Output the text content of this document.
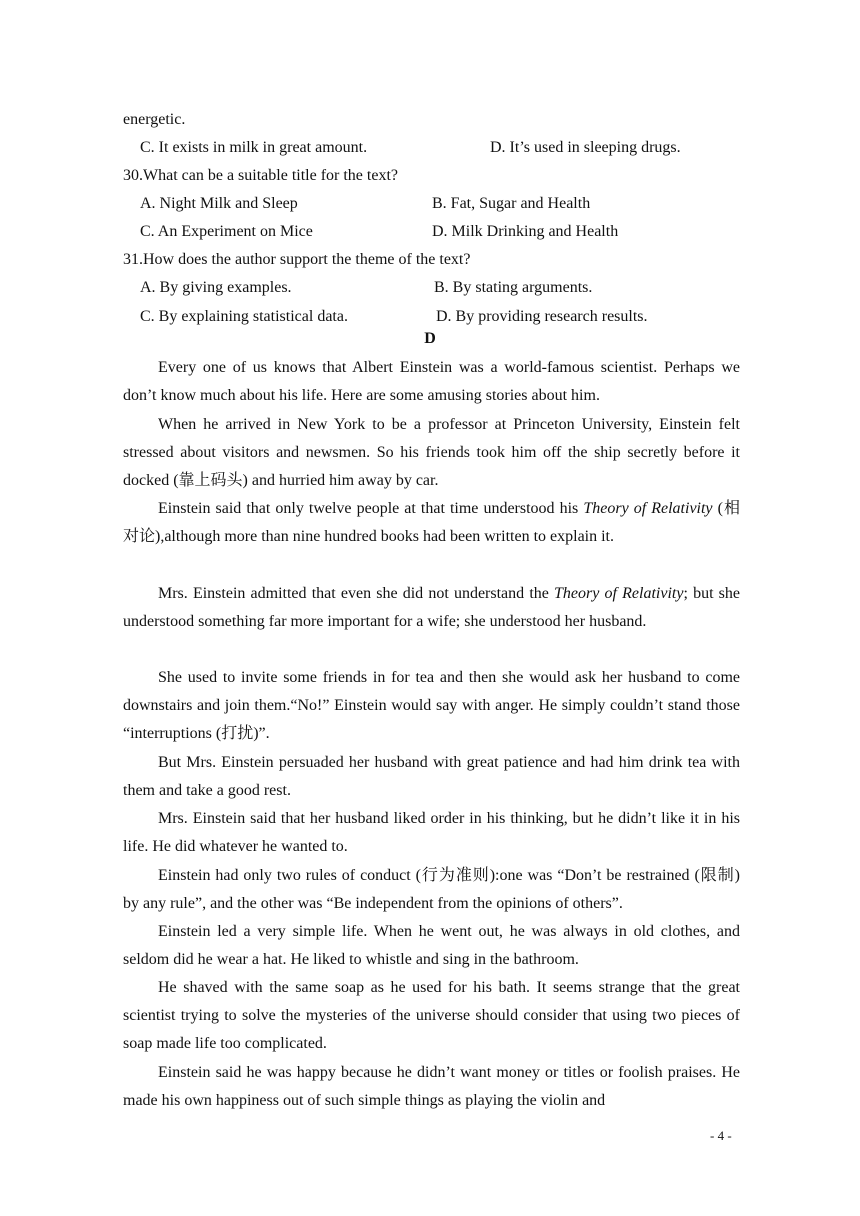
energetic.
C. It exists in milk in great amount.	D. It’s used in sleeping drugs.
30.What can be a suitable title for the text?
A. Night Milk and Sleep	B. Fat, Sugar and Health
C. An Experiment on Mice	D. Milk Drinking and Health
31.How does the author support the theme of the text?
A. By giving examples.	B. By stating arguments.
C. By explaining statistical data.	D. By providing research results.
D
Every one of us knows that Albert Einstein was a world-famous scientist. Perhaps we don’t know much about his life. Here are some amusing stories about him.
When he arrived in New York to be a professor at Princeton University, Einstein felt stressed about visitors and newsmen. So his friends took him off the ship secretly before it docked (靠上码头) and hurried him away by car.
Einstein said that only twelve people at that time understood his Theory of Relativity (相对论),although more than nine hundred books had been written to explain it.
Mrs. Einstein admitted that even she did not understand the Theory of Relativity; but she understood something far more important for a wife; she understood her husband.
She used to invite some friends in for tea and then she would ask her husband to come downstairs and join them.“No!” Einstein would say with anger. He simply couldn’t stand those “interruptions (打扰)”.
But Mrs. Einstein persuaded her husband with great patience and had him drink tea with them and take a good rest.
Mrs. Einstein said that her husband liked order in his thinking, but he didn’t like it in his life. He did whatever he wanted to.
Einstein had only two rules of conduct (行为准则):one was “Don’t be restrained (限制) by any rule”, and the other was “Be independent from the opinions of others”.
Einstein led a very simple life. When he went out, he was always in old clothes, and seldom did he wear a hat. He liked to whistle and sing in the bathroom.
He shaved with the same soap as he used for his bath. It seems strange that the great scientist trying to solve the mysteries of the universe should consider that using two pieces of soap made life too complicated.
Einstein said he was happy because he didn’t want money or titles or foolish praises. He made his own happiness out of such simple things as playing the violin and
- 4 -
